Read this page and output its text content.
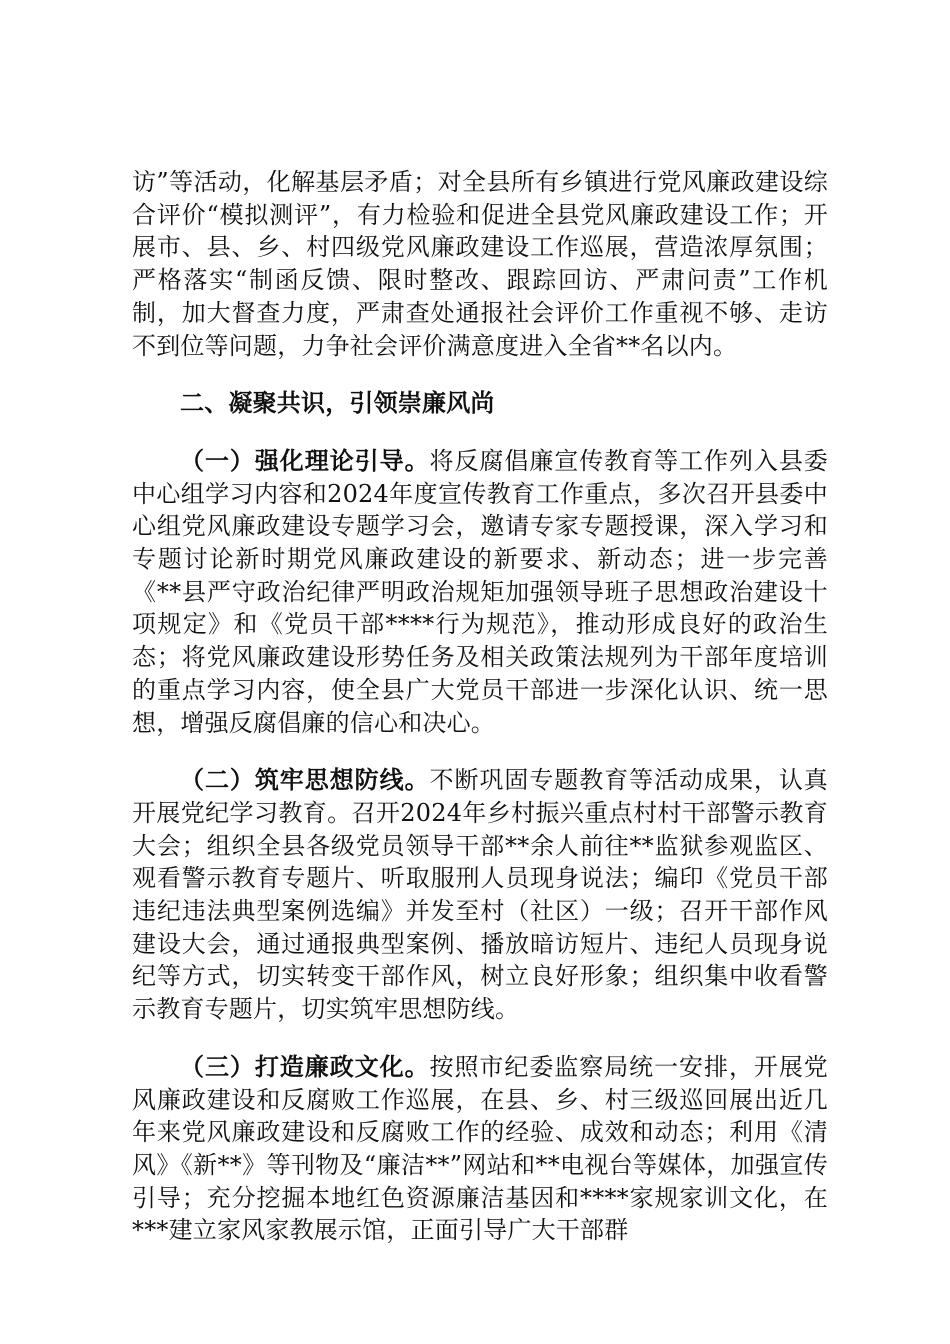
访”等活动，化解基层矛盾；对全县所有乡镇进行党风廉政建设综合评价“模拟测评”，有力检验和促进全县党风廉政建设工作；开展市、县、乡、村四级党风廉政建设工作巡展，营造浓厚氛围；严格落实“制函反馈、限时整改、跟踪回访、严肃问责”工作机制，加大督查力度，严肃查处通报社会评价工作重视不够、走访不到位等问题，力争社会评价满意度进入全省**名以内。

二、凝聚共识，引领崇廉风尚

（一）强化理论引导。将反腐倡廉宣传教育等工作列入县委中心组学习内容和2024年度宣传教育工作重点，多次召开县委中心组党风廉政建设专题学习会，邀请专家专题授课，深入学习和专题讨论新时期党风廉政建设的新要求、新动态；进一步完善《**县严守政治纪律严明政治规矩加强领导班子思想政治建设十项规定》和《党员干部****行为规范》，推动形成良好的政治生态；将党风廉政建设形势任务及相关政策法规列为干部年度培训的重点学习内容，使全县广大党员干部进一步深化认识、统一思想，增强反腐倡廉的信心和决心。

（二）筑牢思想防线。不断巩固专题教育等活动成果，认真开展党纪学习教育。召开2024年乡村振兴重点村村干部警示教育大会；组织全县各级党员领导干部**余人前往**监狱参观监区、观看警示教育专题片、听取服刑人员现身说法；编印《党员干部违纪违法典型案例选编》并发至村（社区）一级；召开干部作风建设大会，通过通报典型案例、播放暗访短片、违纪人员现身说纪等方式，切实转变干部作风，树立良好形象；组织集中收看警示教育专题片，切实筑牢思想防线。

（三）打造廉政文化。按照市纪委监察局统一安排，开展党风廉政建设和反腐败工作巡展，在县、乡、村三级巡回展出近几年来党风廉政建设和反腐败工作的经验、成效和动态；利用《清风》《新**》等刊物及“廉洁**”网站和**电视台等媒体，加强宣传引导；充分挖掘本地红色资源廉洁基因和****家规家训文化，在***建立家风家教展示馆，正面引导广大干部群
